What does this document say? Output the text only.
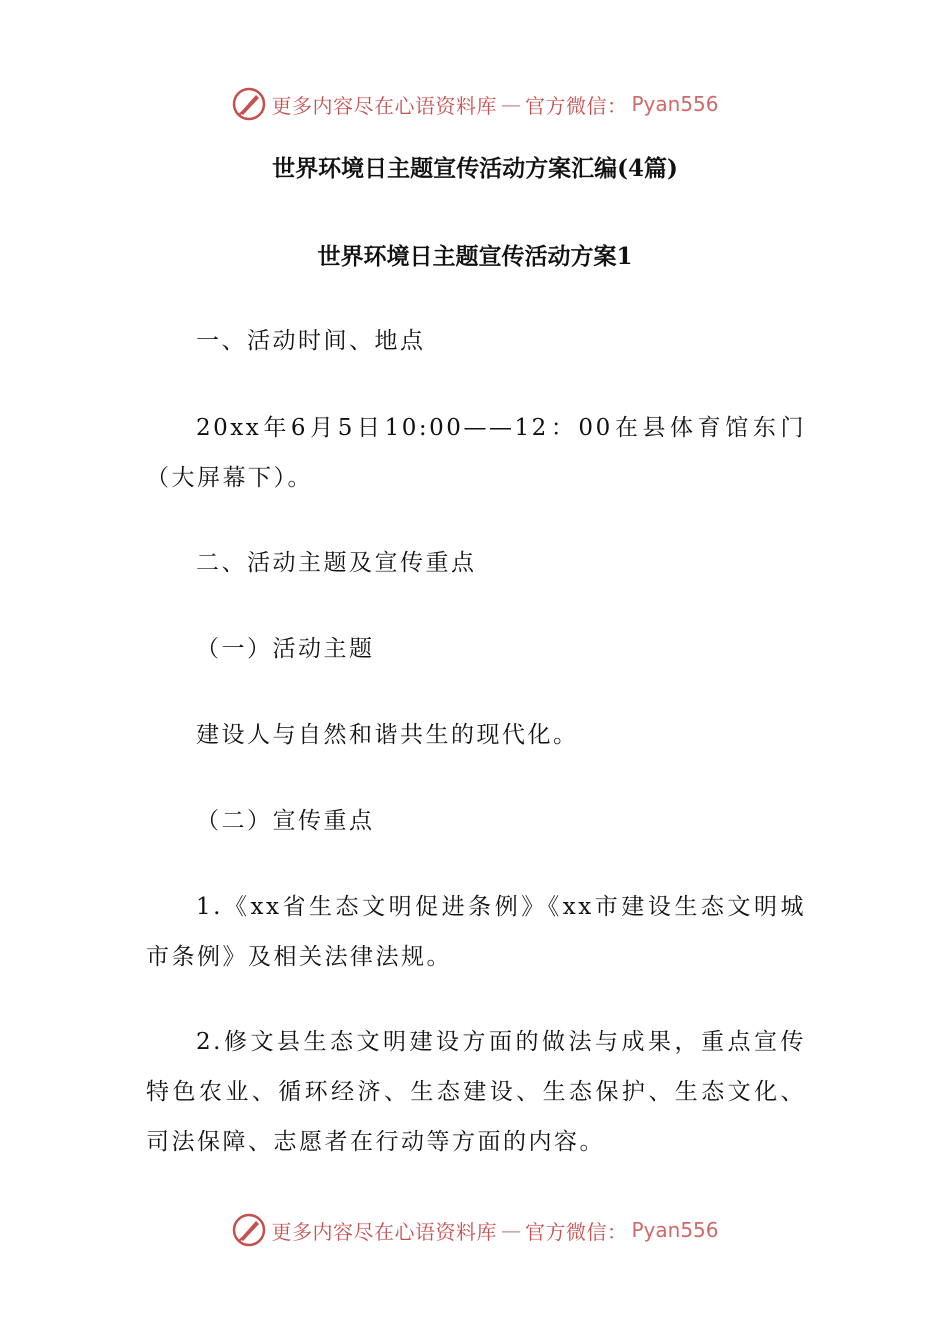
更多内容尽在心语资料库 — 官方微信： Pyan556
世界环境日主题宣传活动方案汇编(4篇)
世界环境日主题宣传活动方案1

一、活动时间、地点

20xx年6月5日10:00——12：00在县体育馆东门（大屏幕下）。

二、活动主题及宣传重点

（一）活动主题

建设人与自然和谐共生的现代化。

（二）宣传重点

1.《xx省生态文明促进条例》《xx市建设生态文明城市条例》及相关法律法规。

2.修文县生态文明建设方面的做法与成果，重点宣传特色农业、循环经济、生态建设、生态保护、生态文化、司法保障、志愿者在行动等方面的内容。

更多内容尽在心语资料库 — 官方微信： Pyan556
